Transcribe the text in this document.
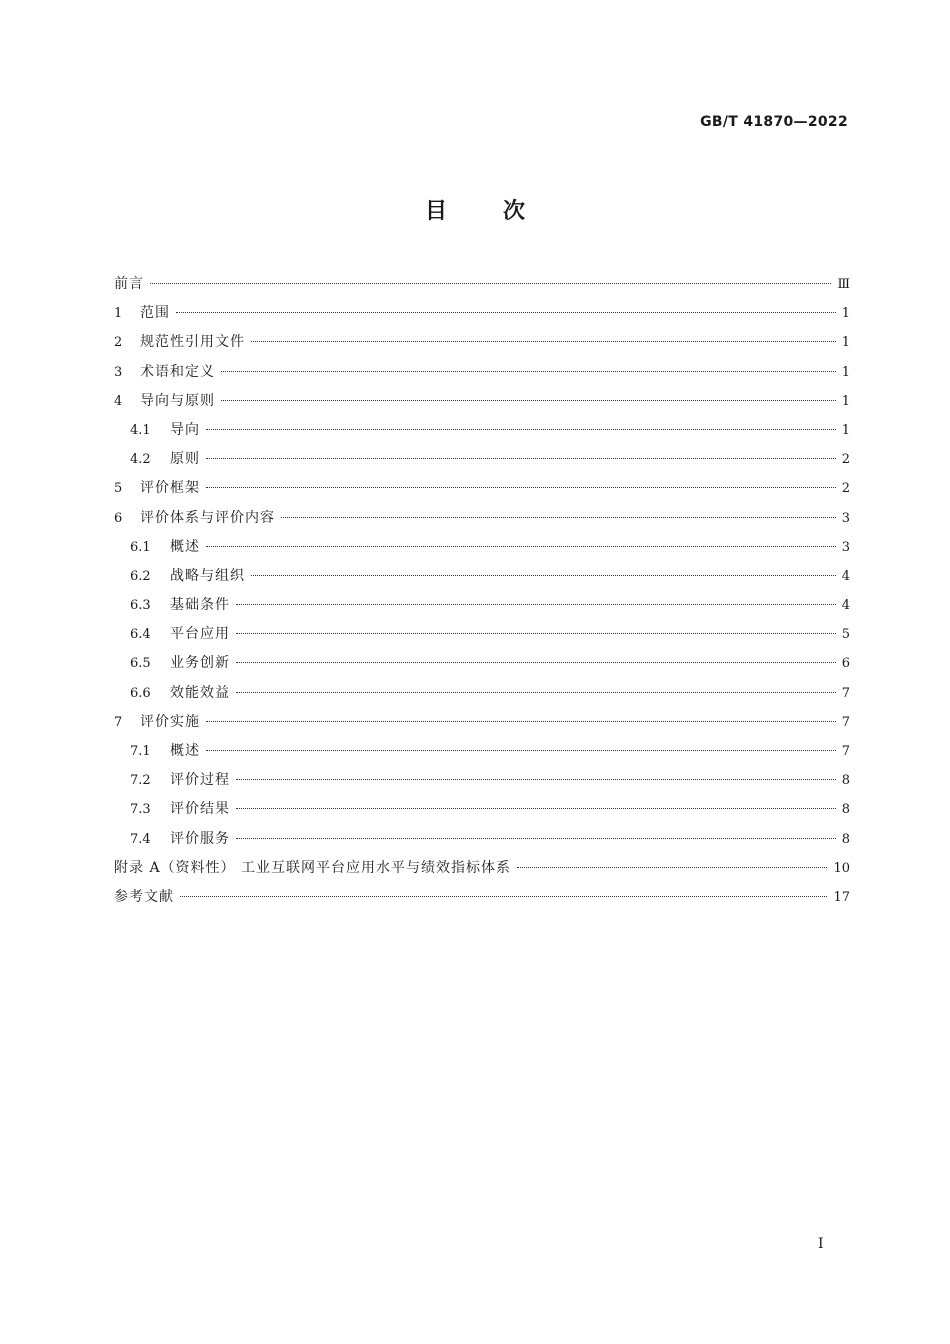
GB/T 41870—2022
目	次
前言	Ⅲ
1	范围	1
2	规范性引用文件	1
3	术语和定义	1
4	导向与原则	1
4.1	导向	1
4.2	原则	2
5	评价框架	2
6	评价体系与评价内容	3
6.1	概述	3
6.2	战略与组织	4
6.3	基础条件	4
6.4	平台应用	5
6.5	业务创新	6
6.6	效能效益	7
7	评价实施	7
7.1	概述	7
7.2	评价过程	8
7.3	评价结果	8
7.4	评价服务	8
附录 A（资料性） 工业互联网平台应用水平与绩效指标体系	10
参考文献	17
Ⅰ
